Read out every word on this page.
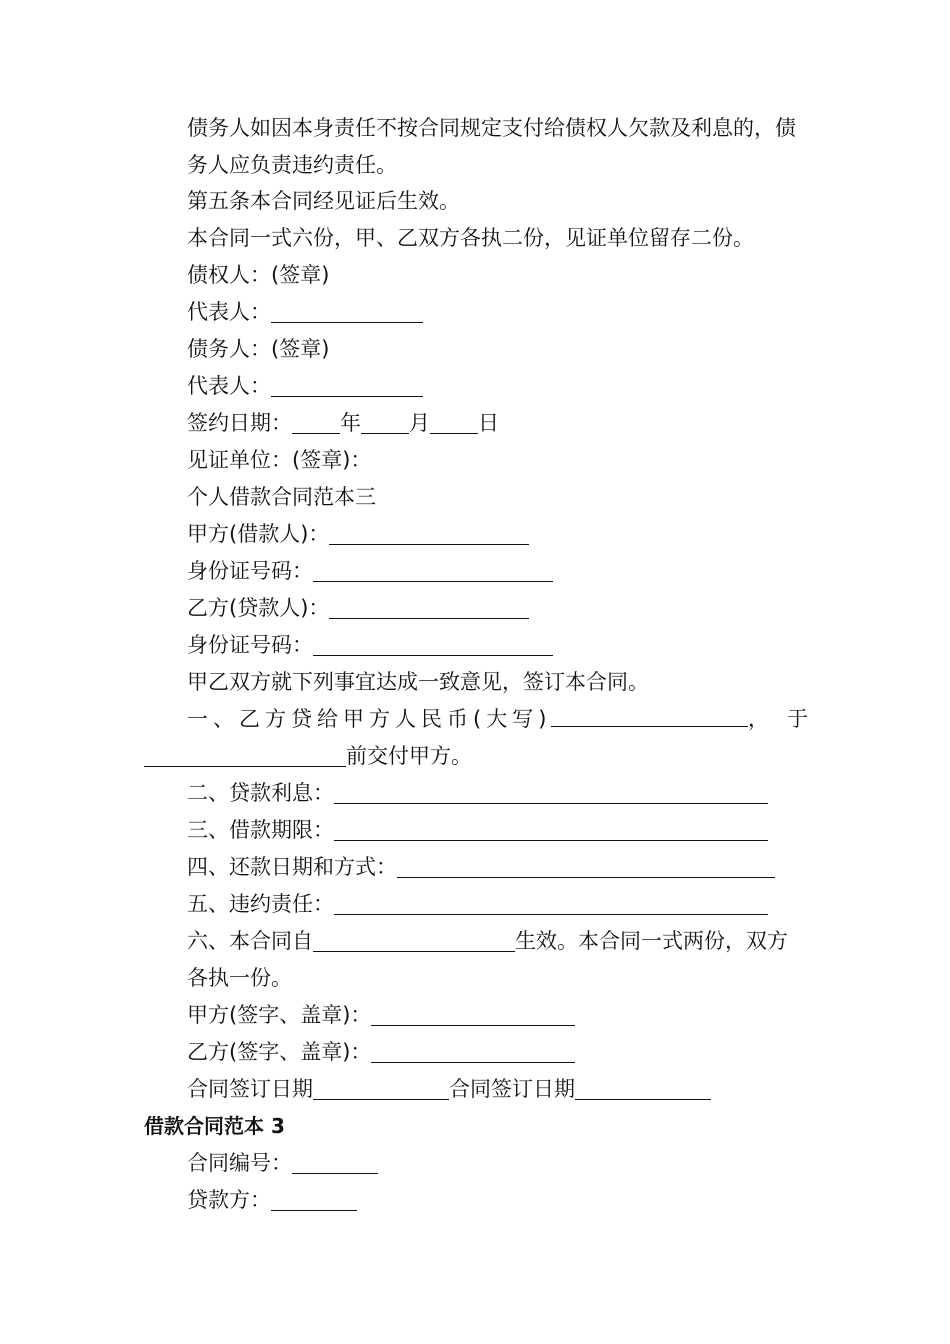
债务人如因本身责任不按合同规定支付给债权人欠款及利息的，债务人应负责违约责任。

第五条本合同经见证后生效。

本合同一式六份，甲、乙双方各执二份，见证单位留存二份。

债权人：(签章)

代表人：

债务人：(签章)

代表人：

签约日期： 年 月 日

见证单位：(签章)：

个人借款合同范本三

甲方(借款人)：

身份证号码：

乙方(贷款人)：

身份证号码：

甲乙双方就下列事宜达成一致意见，签订本合同。

一、乙方贷给甲方人民币(大写)	，于

前交付甲方。

二、贷款利息：

三、借款期限：

四、还款日期和方式：

五、违约责任：

六、本合同自	生效。本合同一式两份，双方各执一份。

甲方(签字、盖章)：

乙方(签字、盖章)：

合同签订日期	合同签订日期

借款合同范本 3

合同编号：

贷款方：
